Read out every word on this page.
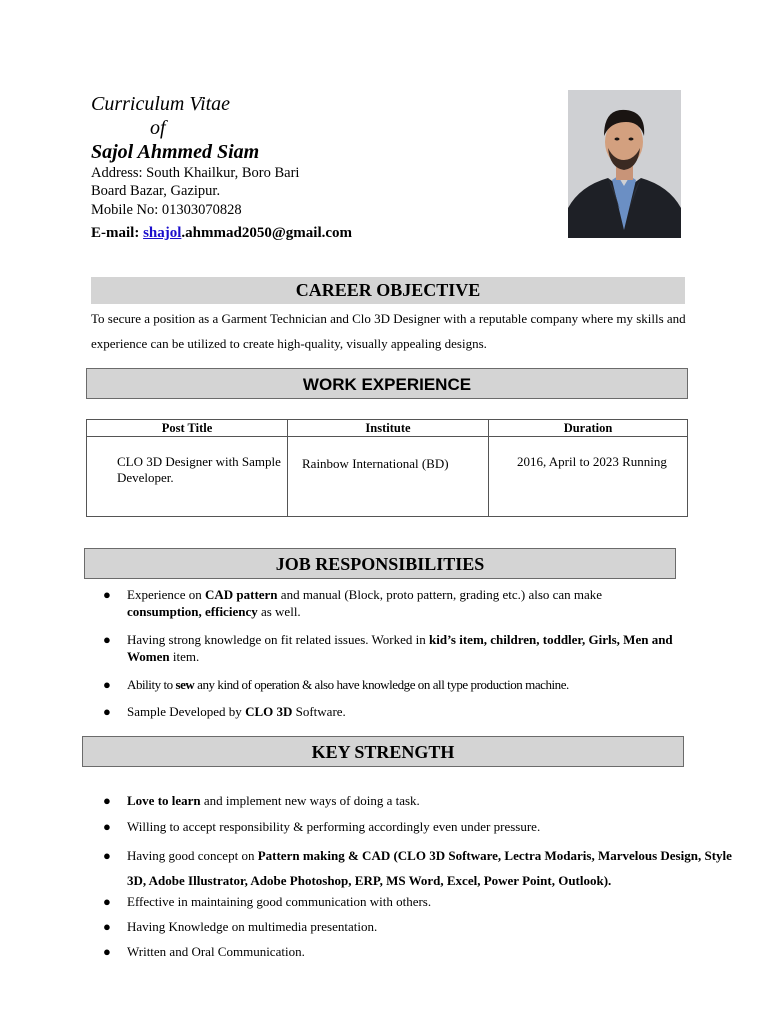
Curriculum Vitae
of
Sajol Ahmmed Siam
Address: South Khailkur, Boro Bari
Board Bazar, Gazipur.
Mobile No: 01303070828
E-mail: shajol.ahmmad2050@gmail.com
CAREER OBJECTIVE
To secure a position as a Garment Technician and Clo 3D Designer with a reputable company where my skills and experience can be utilized to create high-quality, visually appealing designs.
WORK EXPERIENCE
Post Title	Institute	Duration

CLO 3D Designer with Sample Developer.	Rainbow International (BD)	2016, April to 2023 Running
JOB RESPONSIBILITIES
● Experience on CAD pattern and manual (Block, proto pattern, grading etc.) also can make
consumption, efficiency as well.
● Having strong knowledge on fit related issues. Worked in kid’s item, children, toddler, Girls, Men and Women item.
● Ability to sew any kind of operation & also have knowledge on all type production machine.
● Sample Developed by CLO 3D Software.
KEY STRENGTH
● Love to learn and implement new ways of doing a task.
● Willing to accept responsibility & performing accordingly even under pressure.
● Having good concept on Pattern making & CAD (CLO 3D Software, Lectra Modaris, Marvelous Design, Style 3D, Adobe Illustrator, Adobe Photoshop, ERP, MS Word, Excel, Power Point, Outlook).
● Effective in maintaining good communication with others.
● Having Knowledge on multimedia presentation.
● Written and Oral Communication.
